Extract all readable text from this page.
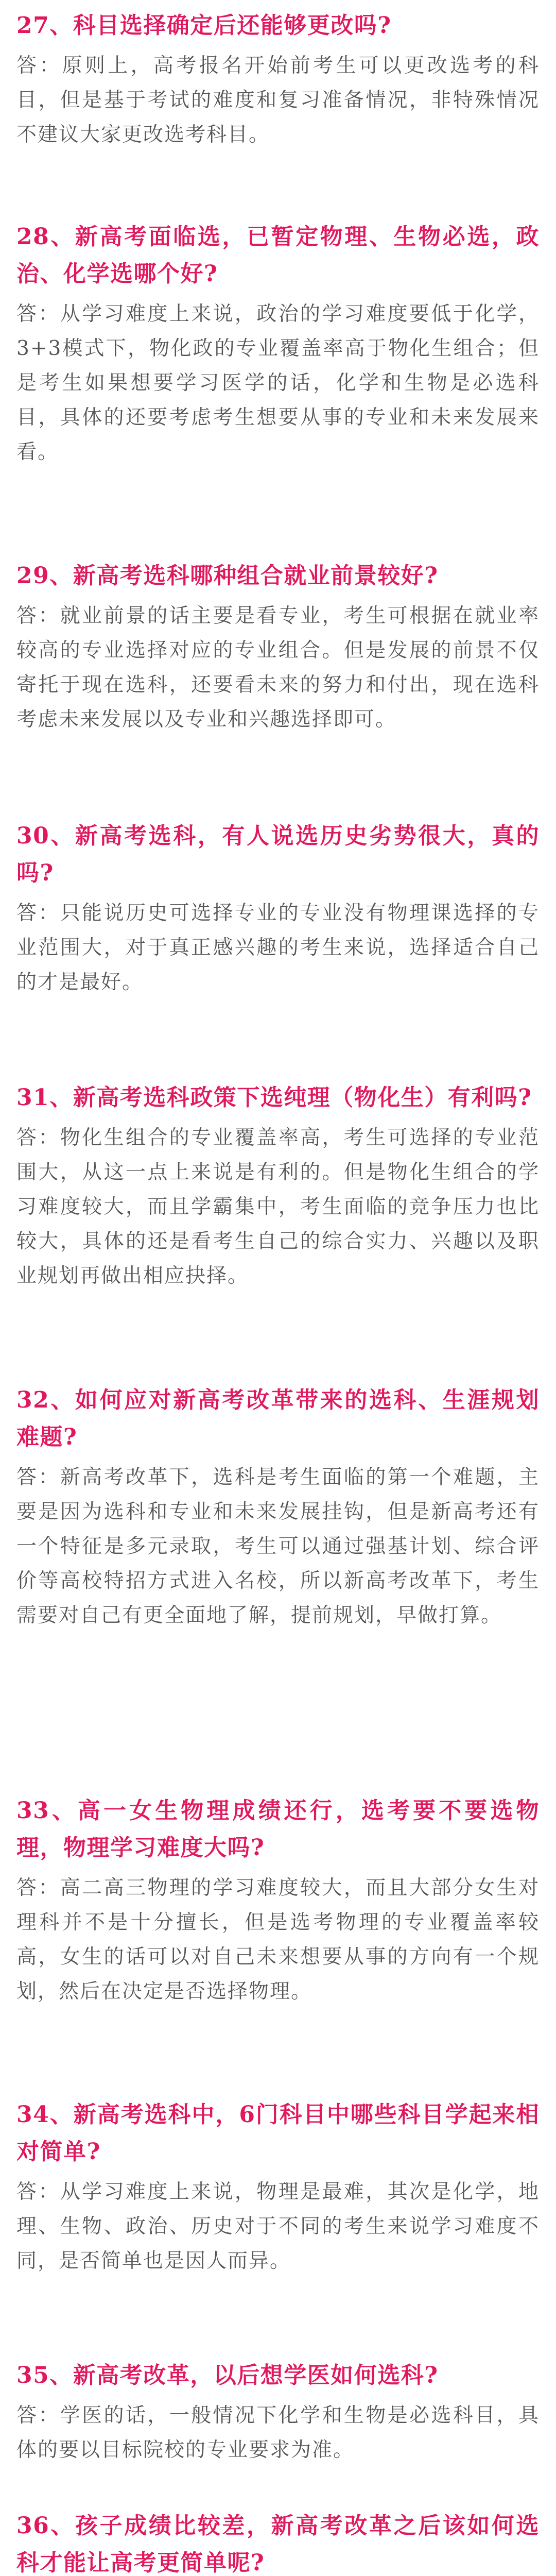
27、科目选择确定后还能够更改吗?
答：原则上，高考报名开始前考生可以更改选考的科目，但是基于考试的难度和复习准备情况，非特殊情况不建议大家更改选考科目。
28、新高考面临选，已暂定物理、生物必选，政治、化学选哪个好?
答：从学习难度上来说，政治的学习难度要低于化学，3+3模式下，物化政的专业覆盖率高于物化生组合；但是考生如果想要学习医学的话，化学和生物是必选科目，具体的还要考虑考生想要从事的专业和未来发展来看。
29、新高考选科哪种组合就业前景较好?
答：就业前景的话主要是看专业，考生可根据在就业率较高的专业选择对应的专业组合。但是发展的前景不仅寄托于现在选科，还要看未来的努力和付出，现在选科考虑未来发展以及专业和兴趣选择即可。
30、新高考选科，有人说选历史劣势很大，真的吗?
答：只能说历史可选择专业的专业没有物理课选择的专业范围大，对于真正感兴趣的考生来说，选择适合自己的才是最好。
31、新高考选科政策下选纯理（物化生）有利吗?
答：物化生组合的专业覆盖率高，考生可选择的专业范围大，从这一点上来说是有利的。但是物化生组合的学习难度较大，而且学霸集中，考生面临的竞争压力也比较大，具体的还是看考生自己的综合实力、兴趣以及职业规划再做出相应抉择。
32、如何应对新高考改革带来的选科、生涯规划难题?
答：新高考改革下，选科是考生面临的第一个难题，主要是因为选科和专业和未来发展挂钩，但是新高考还有一个特征是多元录取，考生可以通过强基计划、综合评价等高校特招方式进入名校，所以新高考改革下，考生需要对自己有更全面地了解，提前规划，早做打算。
33、高一女生物理成绩还行，选考要不要选物理，物理学习难度大吗?
答：高二高三物理的学习难度较大，而且大部分女生对理科并不是十分擅长，但是选考物理的专业覆盖率较高，女生的话可以对自己未来想要从事的方向有一个规划，然后在决定是否选择物理。
34、新高考选科中，6门科目中哪些科目学起来相对简单?
答：从学习难度上来说，物理是最难，其次是化学，地理、生物、政治、历史对于不同的考生来说学习难度不同，是否简单也是因人而异。
35、新高考改革，以后想学医如何选科?
答：学医的话，一般情况下化学和生物是必选科目，具体的要以目标院校的专业要求为准。
36、孩子成绩比较差，新高考改革之后该如何选科才能让高考更简单呢?
